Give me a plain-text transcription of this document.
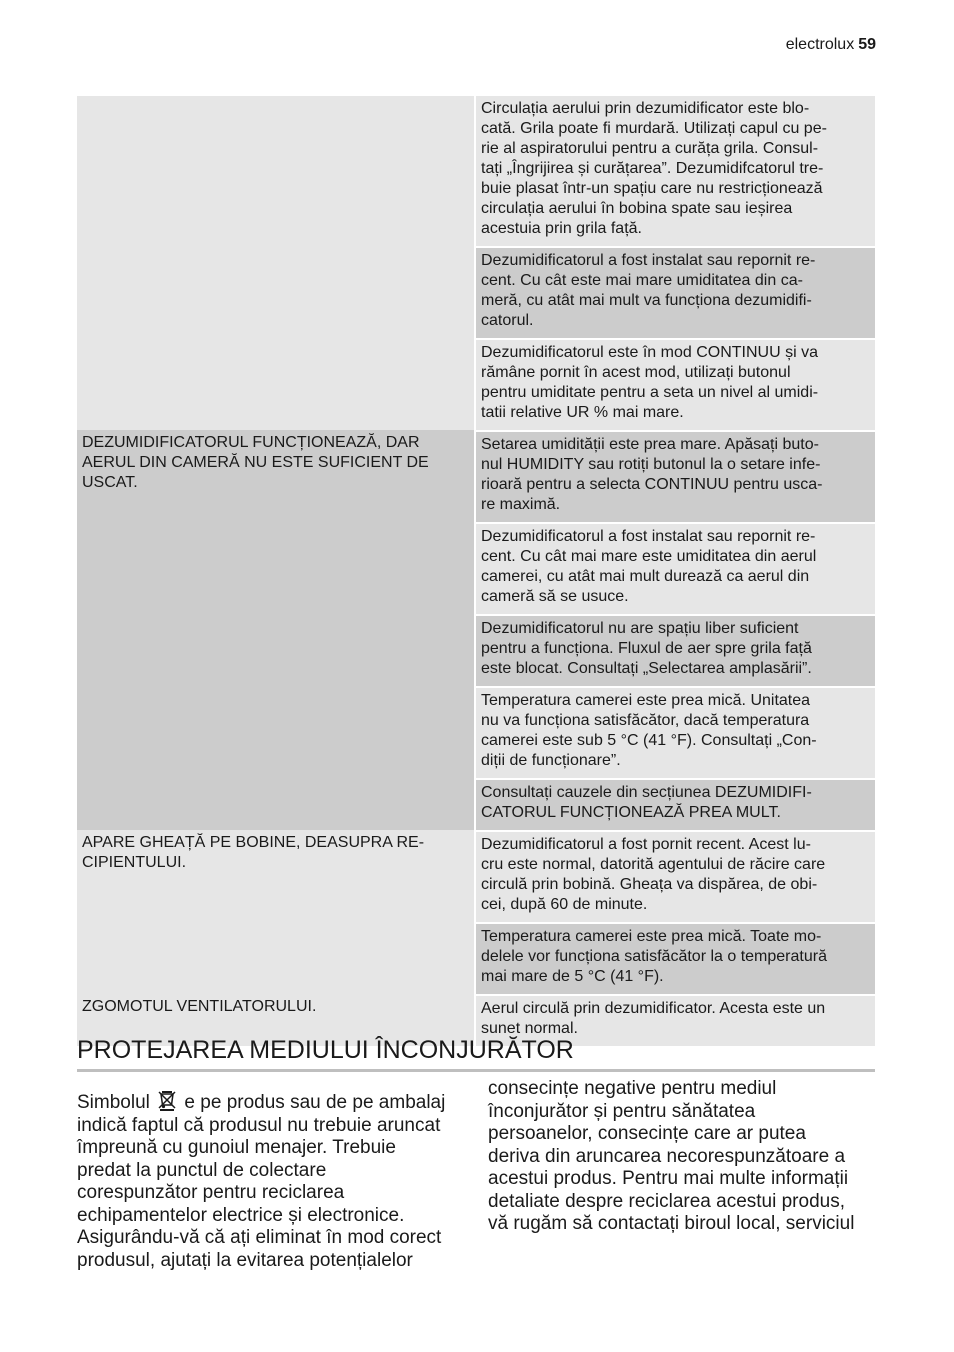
electrolux 59
Circulația aerului prin dezumidificator este blo-
cată. Grila poate fi murdară. Utilizați capul cu pe-
rie al aspiratorului pentru a curăța grila. Consul-
tați „Îngrijirea și curățarea”. Dezumidifcatorul tre-
buie plasat într-un spațiu care nu restricționează
circulația aerului în bobina spate sau ieșirea
acestuia prin grila față.
Dezumidificatorul a fost instalat sau repornit re-
cent. Cu cât este mai mare umiditatea din ca-
meră, cu atât mai mult va funcționa dezumidifi-
catorul.
Dezumidificatorul este în mod CONTINUU și va
rămâne pornit în acest mod, utilizați butonul
pentru umiditate pentru a seta un nivel al umidi-
tatii relative UR % mai mare.
DEZUMIDIFICATORUL FUNCȚIONEAZĂ, DAR
AERUL DIN CAMERĂ NU ESTE SUFICIENT DE
USCAT.
Setarea umidității este prea mare. Apăsați buto-
nul HUMIDITY sau rotiți butonul la o setare infe-
rioară pentru a selecta CONTINUU pentru usca-
re maximă.
Dezumidificatorul a fost instalat sau repornit re-
cent. Cu cât mai mare este umiditatea din aerul
camerei, cu atât mai mult durează ca aerul din
cameră să se usuce.
Dezumidificatorul nu are spațiu liber suficient
pentru a funcționa. Fluxul de aer spre grila față
este blocat. Consultați „Selectarea amplasării”.
Temperatura camerei este prea mică. Unitatea
nu va funcționa satisfăcător, dacă temperatura
camerei este sub 5 °C (41 °F). Consultați „Con-
diții de funcționare”.
Consultați cauzele din secțiunea DEZUMIDIFI-
CATORUL FUNCȚIONEAZĂ PREA MULT.
APARE GHEAȚĂ PE BOBINE, DEASUPRA RE-
CIPIENTULUI.
Dezumidificatorul a fost pornit recent. Acest lu-
cru este normal, datorită agentului de răcire care
circulă prin bobină. Gheața va dispărea, de obi-
cei, după 60 de minute.
Temperatura camerei este prea mică. Toate mo-
delele vor funcționa satisfăcător la o temperatură
mai mare de 5 °C (41 °F).
ZGOMOTUL VENTILATORULUI.	Aerul circulă prin dezumidificator. Acesta este un
sunet normal.
PROTEJAREA MEDIULUI ÎNCONJURĂTOR
Simbolul  e pe produs sau de pe ambalaj
indică faptul că produsul nu trebuie aruncat
împreună cu gunoiul menajer. Trebuie
predat la punctul de colectare
corespunzător pentru reciclarea
echipamentelor electrice și electronice.
Asigurându-vă că ați eliminat în mod corect
produsul, ajutați la evitarea potențialelor
consecințe negative pentru mediul
înconjurător și pentru sănătatea
persoanelor, consecințe care ar putea
deriva din aruncarea necorespunzătoare a
acestui produs. Pentru mai multe informații
detaliate despre reciclarea acestui produs,
vă rugăm să contactați biroul local, serviciul
